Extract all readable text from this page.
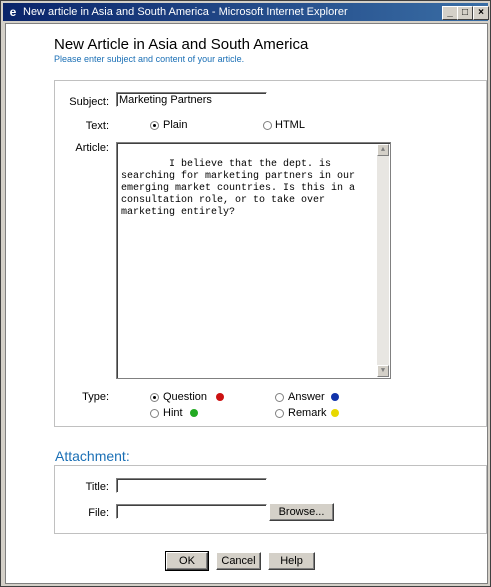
e New article in Asia and South America - Microsoft Internet Explorer	_ □	×
New Article in Asia and South America
Please enter subject and content of your article.
Subject: Marketing Partners
Text:	Plain	HTML
Article:

I believe that the dept. is searching for marketing partners in our emerging market countries. Is this in a consultation role, or to take over marketing entirely?

▲

▼

Type:	Question	Answer
Hint	Remark
Attachment:
Title:
File:	Browse...
OK	Cancel	Help
